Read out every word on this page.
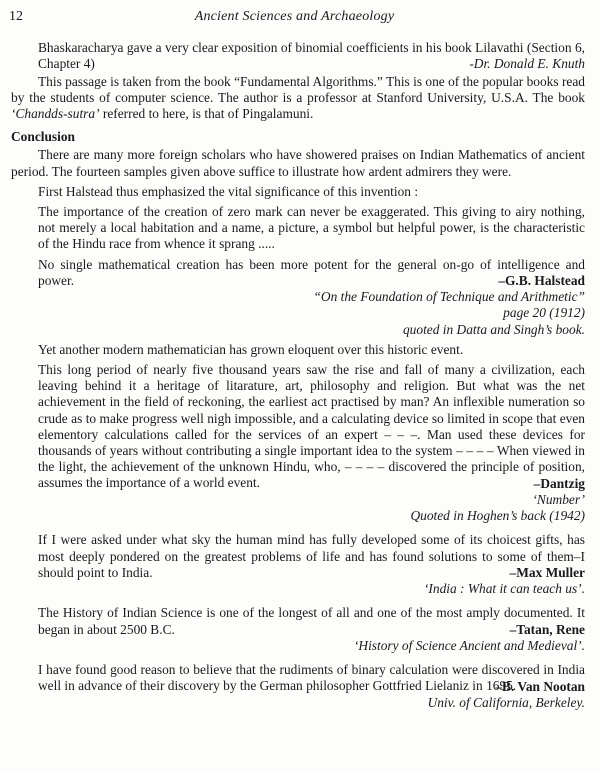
12	Ancient Sciences and Archaeology

Bhaskaracharya gave a very clear exposition of binomial coefficients in his book Lilavathi (Section 6, Chapter 4)	-Dr. Donald E. Knuth

This passage is taken from the book “Fundamental Algorithms.” This is one of the popular books read by the students of computer science. The author is a professor at Stanford University, U.S.A. The book ‘Chandds-sutra’ referred to here, is that of Pingalamuni.

Conclusion

There are many more foreign scholars who have showered praises on Indian Mathematics of ancient period. The fourteen samples given above suffice to illustrate how ardent admirers they were.

First Halstead thus emphasized the vital significance of this invention :

The importance of the creation of zero mark can never be exaggerated. This giving to airy nothing, not merely a local habitation and a name, a picture, a symbol but helpful power, is the characteristic of the Hindu race from whence it sprang .....

No single mathematical creation has been more potent for the general on-go of intelligence and power.	–G.B. Halstead

“On the Foundation of Technique and Arithmetic”

page 20 (1912)

quoted in Datta and Singh’s book.

Yet another modern mathematician has grown eloquent over this historic event.

This long period of nearly five thousand years saw the rise and fall of many a civilization, each leaving behind it a heritage of litarature, art, philosophy and religion. But what was the net achievement in the field of reckoning, the earliest act practised by man? An inflexible numeration so crude as to make progress well nigh impossible, and a calculating device so limited in scope that even elementory calculations called for the services of an expert – – –. Man used these devices for thousands of years without contributing a single important idea to the system – – – – When viewed in the light, the achievement of the unknown Hindu, who, – – – – discovered the principle of position, assumes the importance of a world event.	–Dantzig

‘Number’

Quoted in Hoghen’s back (1942)

If I were asked under what sky the human mind has fully developed some of its choicest gifts, has most deeply pondered on the greatest problems of life and has found solutions to some of them–I should point to India.	–Max Muller

‘India : What it can teach us’.

The History of Indian Science is one of the longest of all and one of the most amply documented. It began in about 2500 B.C.	–Tatan, Rene

‘History of Science Ancient and Medieval’.

I have found good reason to believe that the rudiments of binary calculation were discovered in India well in advance of their discovery by the German philosopher Gottfried Lielaniz in 1695.

–B. Van Nootan

Univ. of California, Berkeley.
